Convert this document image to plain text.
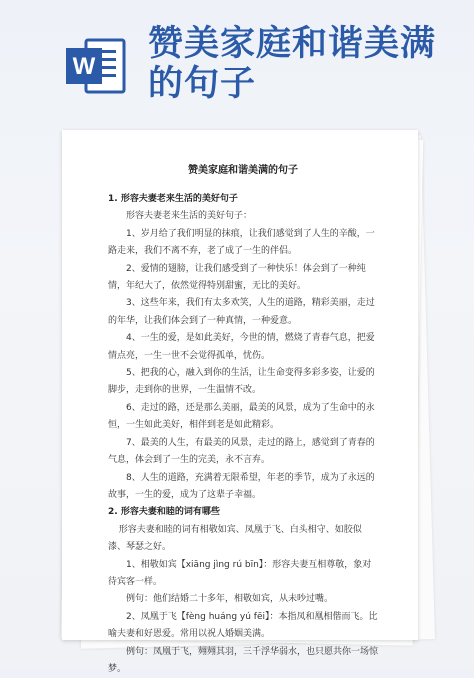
W
赞美家庭和谐美满
的句子
赞美家庭和谐美满的句子
1. 形容夫妻老来生活的美好句子
形容夫妻老来生活的美好句子：
1、岁月给了我们明显的抹痕，让我们感觉到了人生的辛酸，一路走来，我们不离不弃，老了成了一生的伴侣。
2、爱情的翅膀，让我们感受到了一种快乐！体会到了一种纯情，年纪大了，依然觉得特别甜蜜，无比的美好。
3、这些年来，我们有太多欢笑，人生的道路，精彩美丽，走过的年华，让我们体会到了一种真情，一种爱意。
4、一生的爱，是如此美好，今世的情，燃烧了青春气息，把爱情点亮，一生一世不会觉得孤单，忧伤。
5、把我的心，融入到你的生活，让生命变得多彩多姿，让爱的脚步，走到你的世界，一生温情不改。
6、走过的路，还是那么美丽，最美的风景，成为了生命中的永恒，一生如此美好，相伴到老是如此精彩。
7、最美的人生，有最美的风景，走过的路上，感觉到了青春的气息，体会到了一生的完美，永不言弃。
8、人生的道路，充满着无限希望，年老的季节，成为了永远的故事，一生的爱，成为了这辈子幸福。
2. 形容夫妻和睦的词有哪些
形容夫妻和睦的词有相敬如宾、凤凰于飞、白头相守、如胶似漆、琴瑟之好。
1、相敬如宾【xiāng jìng rú bīn】：形容夫妻互相尊敬，象对待宾客一样。
例句：他们结婚二十多年，相敬如宾，从未吵过嘴。
2、凤凰于飞【fèng huáng yú fēi】：本指凤和凰相偕而飞。比喻夫妻和好恩爱。常用以祝人婚姻美满。
例句：凤凰于飞，翙翙其羽，三千浮华弱水，也只愿共你一场惊梦。
